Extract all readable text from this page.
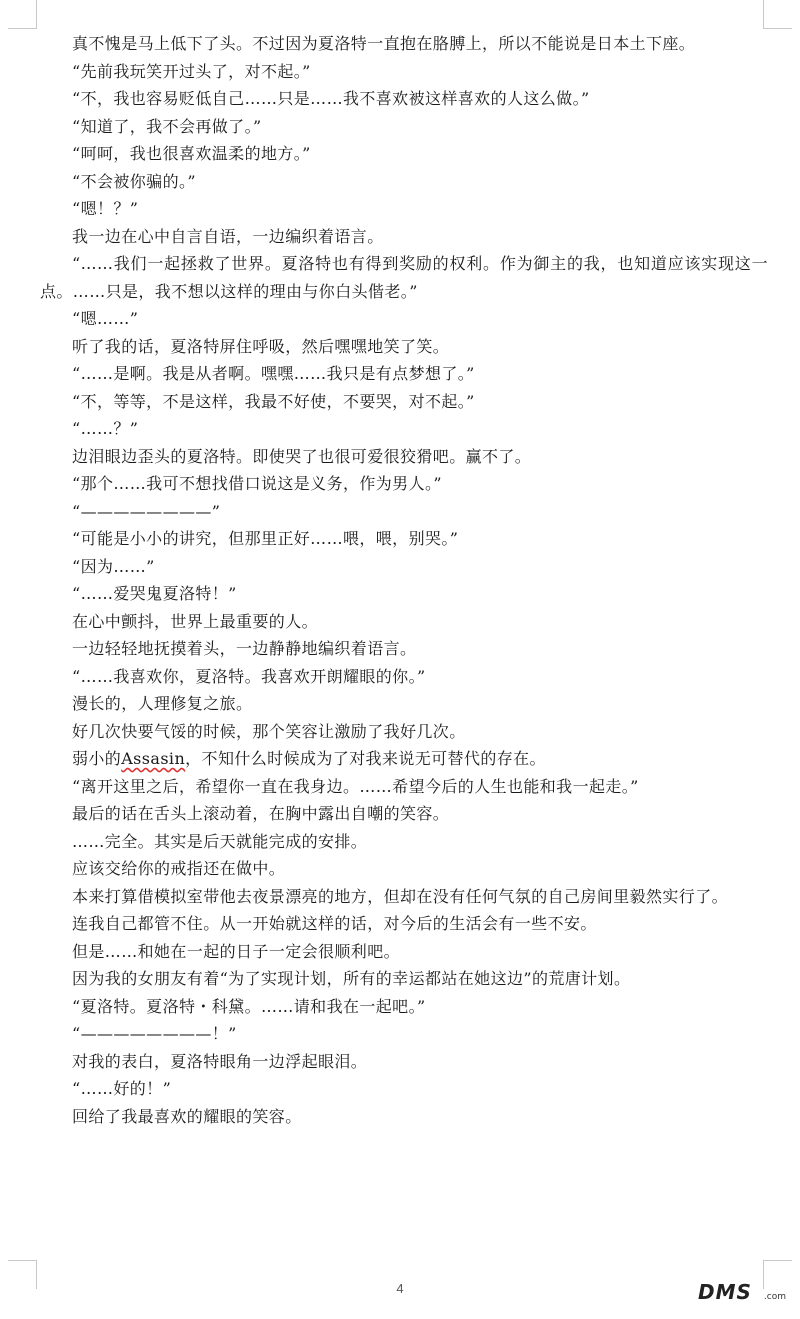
真不愧是马上低下了头。不过因为夏洛特一直抱在胳膊上，所以不能说是日本土下座。

“先前我玩笑开过头了，对不起。”

“不，我也容易贬低自己……只是……我不喜欢被这样喜欢的人这么做。”

“知道了，我不会再做了。”

“呵呵，我也很喜欢温柔的地方。”

“不会被你骗的。”

“嗯！？”

我一边在心中自言自语，一边编织着语言。

“……我们一起拯救了世界。夏洛特也有得到奖励的权利。作为御主的我，也知道应该实现这一点。……只是，我不想以这样的理由与你白头偕老。”

“嗯……”

听了我的话，夏洛特屏住呼吸，然后嘿嘿地笑了笑。

“……是啊。我是从者啊。嘿嘿……我只是有点梦想了。”

“不，等等，不是这样，我最不好使，不要哭，对不起。”

“……？”

边泪眼边歪头的夏洛特。即使哭了也很可爱很狡猾吧。赢不了。

“那个……我可不想找借口说这是义务，作为男人。”

“————————”

“可能是小小的讲究，但那里正好……喂，喂，别哭。”

“因为……”

“……爱哭鬼夏洛特！”

在心中颤抖，世界上最重要的人。

一边轻轻地抚摸着头，一边静静地编织着语言。

“……我喜欢你，夏洛特。我喜欢开朗耀眼的你。”

漫长的，人理修复之旅。

好几次快要气馁的时候，那个笑容让激励了我好几次。

弱小的Assasin，不知什么时候成为了对我来说无可替代的存在。

“离开这里之后，希望你一直在我身边。……希望今后的人生也能和我一起走。”

最后的话在舌头上滚动着，在胸中露出自嘲的笑容。

……完全。其实是后天就能完成的安排。

应该交给你的戒指还在做中。

本来打算借模拟室带他去夜景漂亮的地方，但却在没有任何气氛的自己房间里毅然实行了。

连我自己都管不住。从一开始就这样的话，对今后的生活会有一些不安。

但是……和她在一起的日子一定会很顺利吧。

因为我的女朋友有着“为了实现计划，所有的幸运都站在她这边”的荒唐计划。

“夏洛特。夏洛特・科黛。……请和我在一起吧。”

“————————！”

对我的表白，夏洛特眼角一边浮起眼泪。

“……好的！”

回给了我最喜欢的耀眼的笑容。

4	DMS .com
